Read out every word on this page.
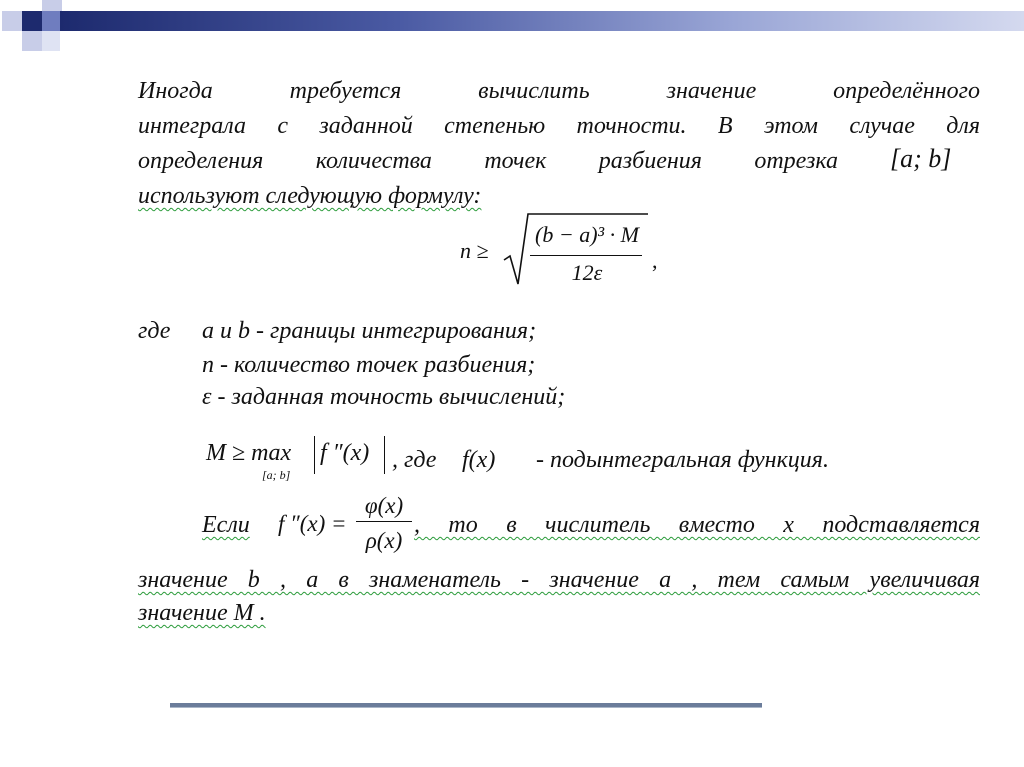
Иногда требуется вычислить значение определённого
интеграла с заданной степенью точности. В этом случае для
определения количества точек разбиения отрезка [a; b]
используют следующую формулу:
n ≥
(b − a)³ · M
12ε	,
где a и b - границы интегрирования;
n - количество точек разбиения;
ε - заданная точность вычислений;
M ≥ max
[a; b]
f ″(x) , где f(x) - подынтегральная функция.
Если f ″(x) =
φ(x)
ρ(x)
, то в числитель вместо x подставляется
значение b , а в знаменатель - значение a , тем самым увеличивая
значение M .
